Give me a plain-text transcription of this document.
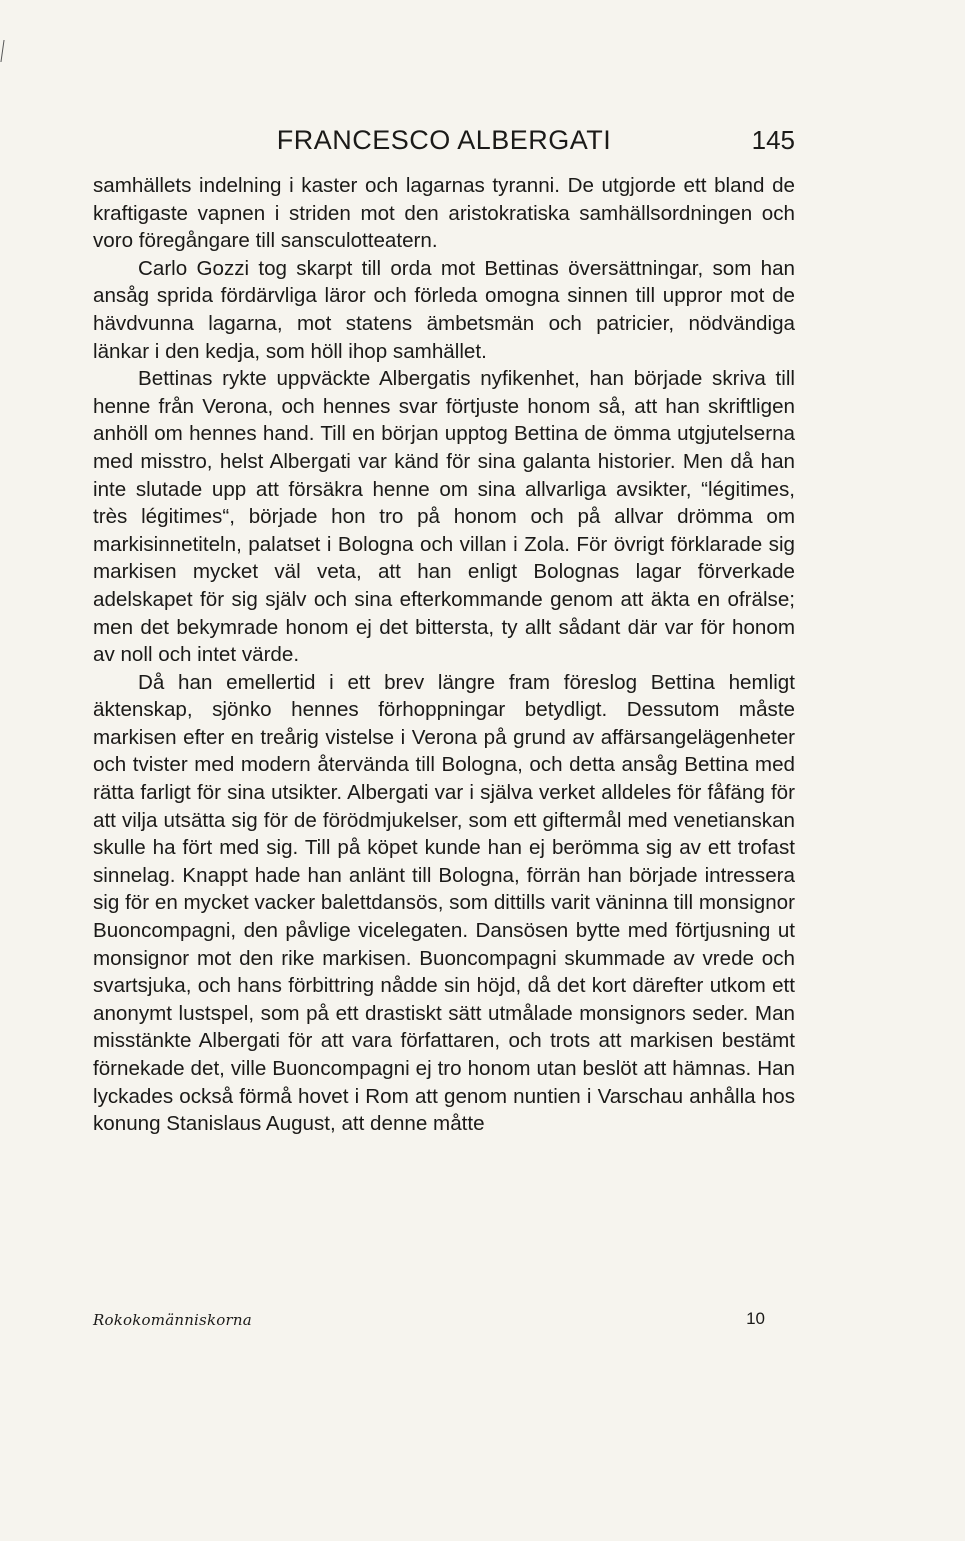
FRANCESCO ALBERGATI	145

samhällets indelning i kaster och lagarnas tyranni. De utgjorde ett bland de kraftigaste vapnen i striden mot den aristokratiska samhällsordningen och voro föregångare till sansculotteatern.

Carlo Gozzi tog skarpt till orda mot Bettinas översättningar, som han ansåg sprida fördärvliga läror och förleda omogna sinnen till uppror mot de hävdvunna lagarna, mot statens ämbetsmän och patricier, nödvändiga länkar i den kedja, som höll ihop samhället.

Bettinas rykte uppväckte Albergatis nyfikenhet, han började skriva till henne från Verona, och hennes svar förtjuste honom så, att han skriftligen anhöll om hennes hand. Till en början upptog Bettina de ömma utgjutelserna med misstro, helst Albergati var känd för sina galanta historier. Men då han inte slutade upp att försäkra henne om sina allvarliga avsikter, “légitimes, très légitimes“, började hon tro på honom och på allvar drömma om markisinnetiteln, palatset i Bologna och villan i Zola. För övrigt förklarade sig markisen mycket väl veta, att han enligt Bolognas lagar förverkade adelskapet för sig själv och sina efterkommande genom att äkta en ofrälse; men det bekymrade honom ej det bittersta, ty allt sådant där var för honom av noll och intet värde.

Då han emellertid i ett brev längre fram föreslog Bettina hemligt äktenskap, sjönko hennes förhoppningar betydligt. Dessutom måste markisen efter en treårig vistelse i Verona på grund av affärsangelägenheter och tvister med modern återvända till Bologna, och detta ansåg Bettina med rätta farligt för sina utsikter. Albergati var i själva verket alldeles för fåfäng för att vilja utsätta sig för de förödmjukelser, som ett giftermål med venetianskan skulle ha fört med sig. Till på köpet kunde han ej berömma sig av ett trofast sinnelag. Knappt hade han anlänt till Bologna, förrän han började intressera sig för en mycket vacker balettdansös, som dittills varit väninna till monsignor Buoncompagni, den påvlige vicelegaten. Dansösen bytte med förtjusning ut monsignor mot den rike markisen. Buoncompagni skummade av vrede och svartsjuka, och hans förbittring nådde sin höjd, då det kort därefter utkom ett anonymt lustspel, som på ett drastiskt sätt utmålade monsignors seder. Man misstänkte Albergati för att vara författaren, och trots att markisen bestämt förnekade det, ville Buoncompagni ej tro honom utan beslöt att hämnas. Han lyckades också förmå hovet i Rom att genom nuntien i Varschau anhålla hos konung Stanislaus August, att denne måtte

Rokokomänniskorna	10
